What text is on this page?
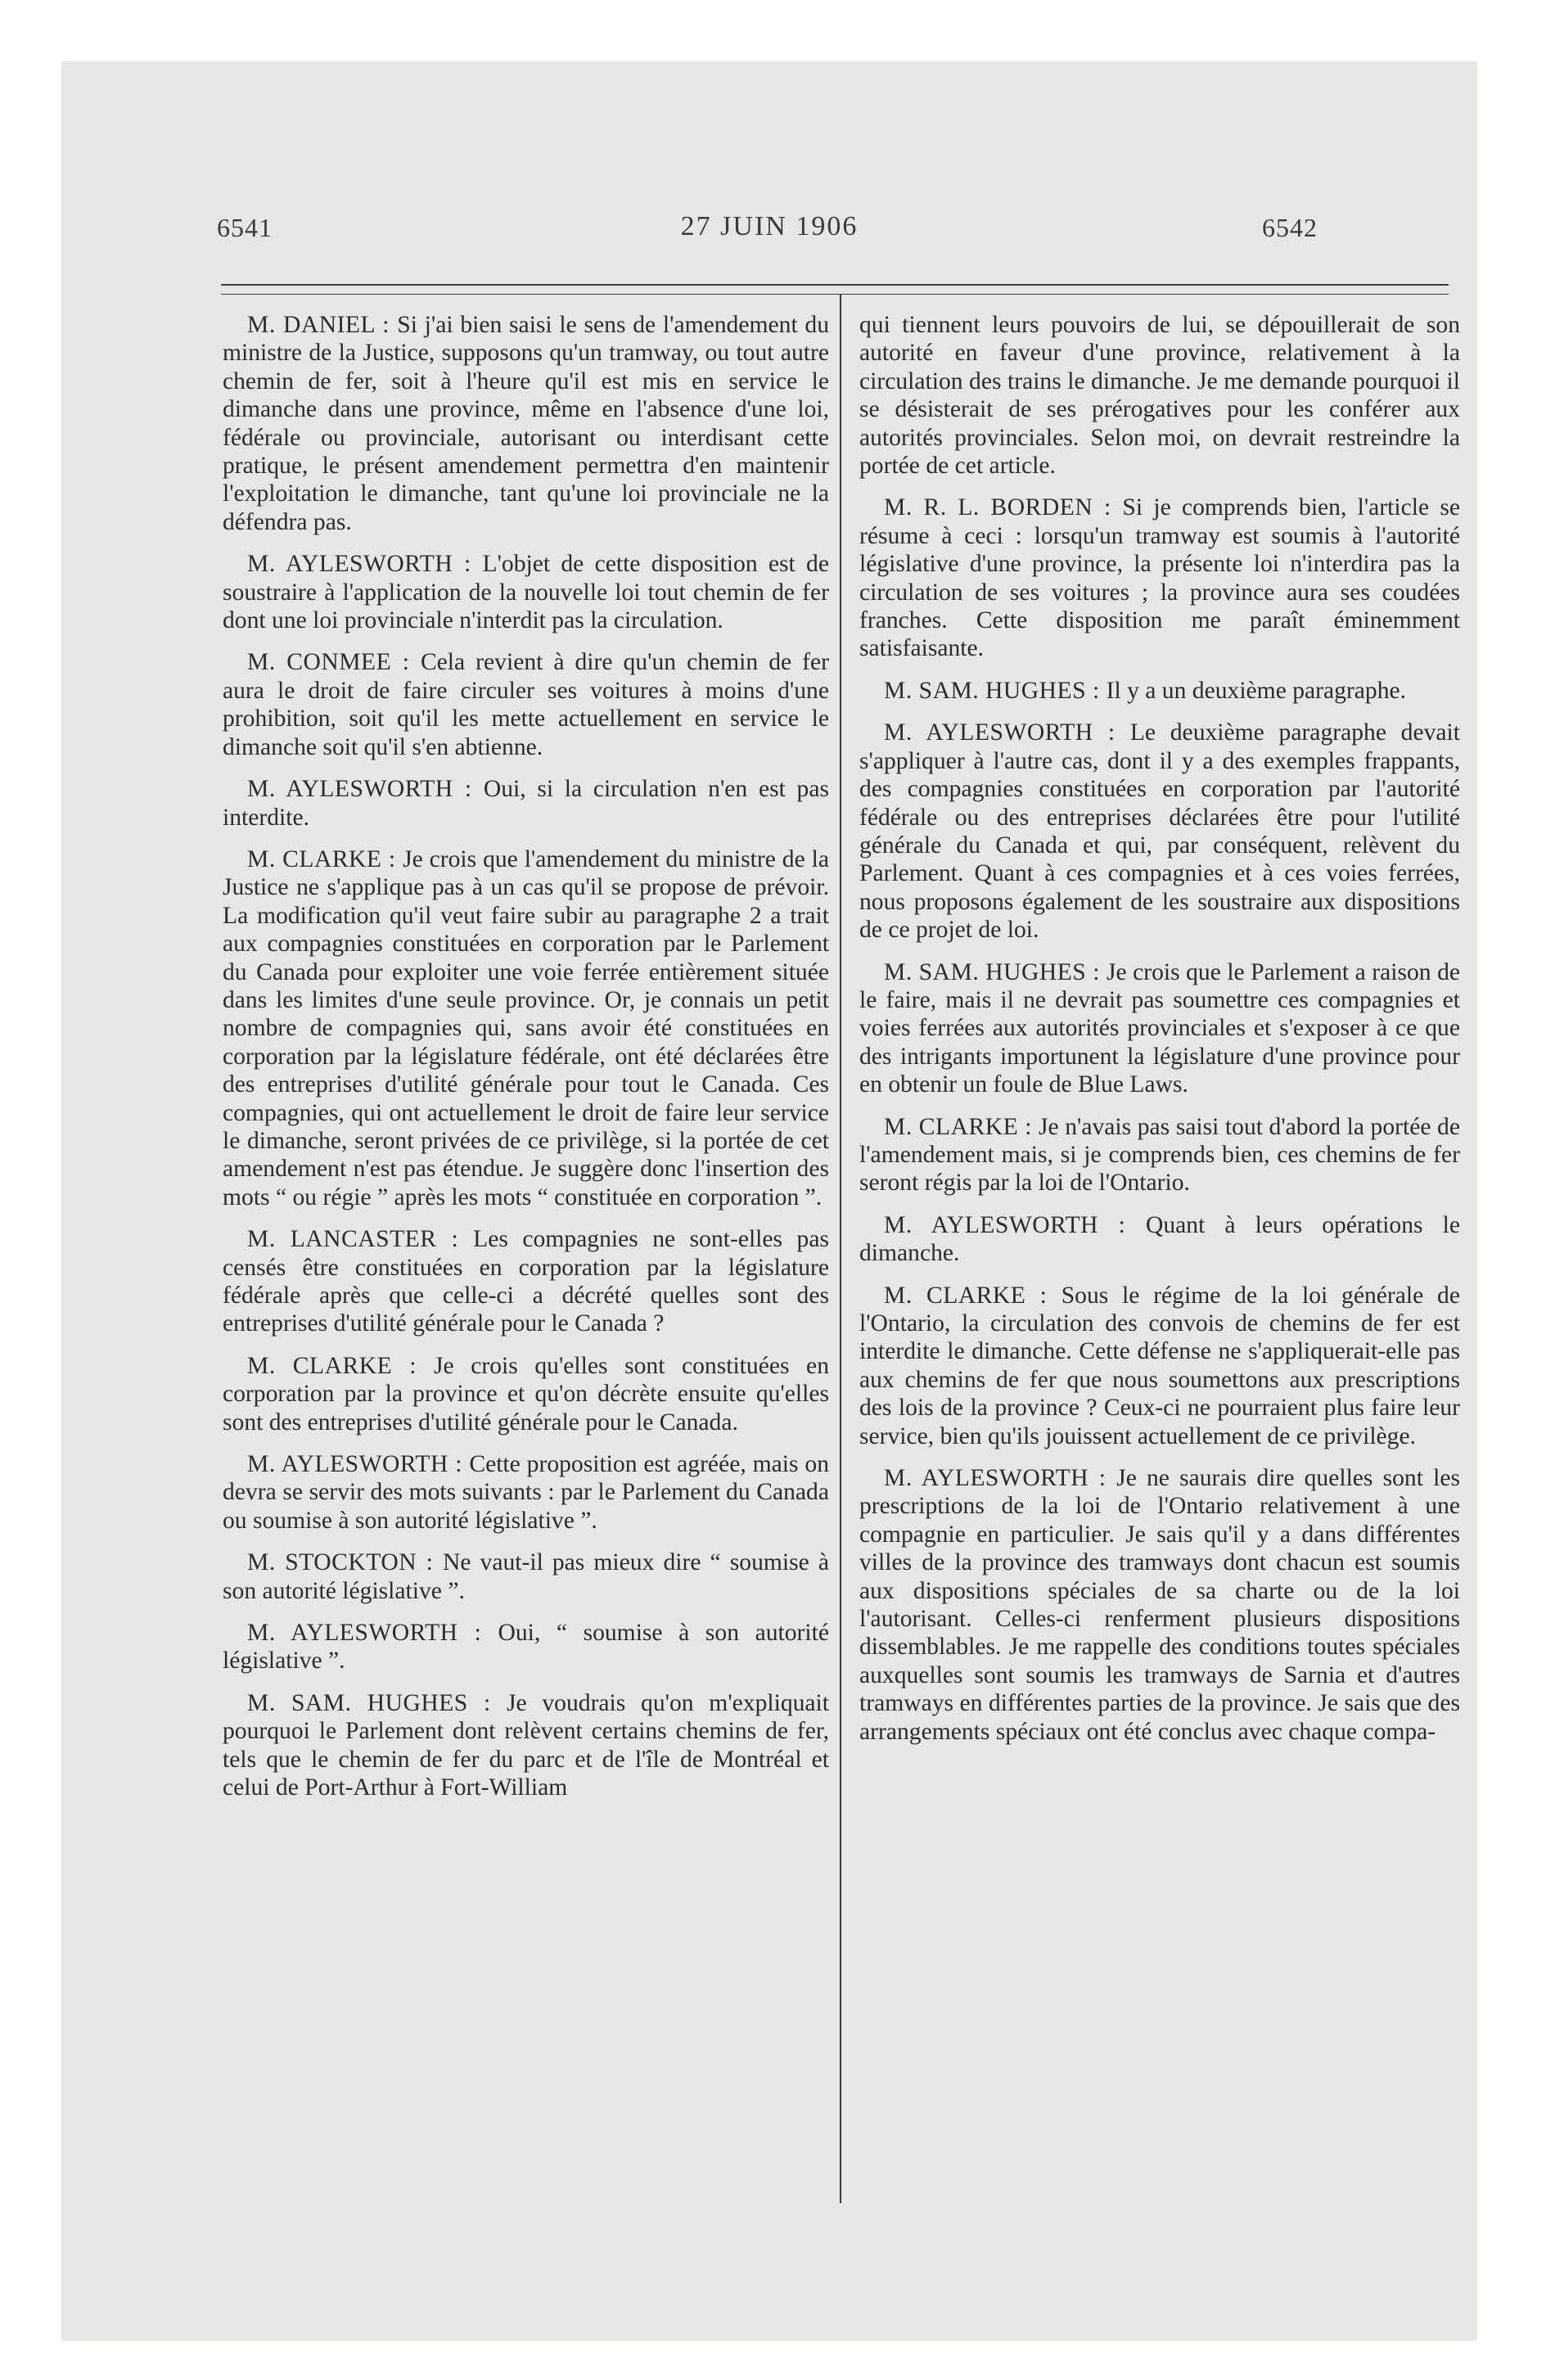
6541	27 JUIN 1906	6542

M. DANIEL : Si j'ai bien saisi le sens de l'amendement du ministre de la Justice, supposons qu'un tramway, ou tout autre chemin de fer, soit à l'heure qu'il est mis en service le dimanche dans une province, même en l'absence d'une loi, fédérale ou provinciale, autorisant ou interdisant cette pratique, le présent amendement permettra d'en maintenir l'exploitation le dimanche, tant qu'une loi provinciale ne la défendra pas.

M. AYLESWORTH : L'objet de cette disposition est de soustraire à l'application de la nouvelle loi tout chemin de fer dont une loi provinciale n'interdit pas la circulation.

M. CONMEE : Cela revient à dire qu'un chemin de fer aura le droit de faire circuler ses voitures à moins d'une prohibition, soit qu'il les mette actuellement en service le dimanche soit qu'il s'en abtienne.

M. AYLESWORTH : Oui, si la circulation n'en est pas interdite.

M. CLARKE : Je crois que l'amendement du ministre de la Justice ne s'applique pas à un cas qu'il se propose de prévoir. La modification qu'il veut faire subir au paragraphe 2 a trait aux compagnies constituées en corporation par le Parlement du Canada pour exploiter une voie ferrée entièrement située dans les limites d'une seule province. Or, je connais un petit nombre de compagnies qui, sans avoir été constituées en corporation par la législature fédérale, ont été déclarées être des entreprises d'utilité générale pour tout le Canada. Ces compagnies, qui ont actuellement le droit de faire leur service le dimanche, seront privées de ce privilège, si la portée de cet amendement n'est pas étendue. Je suggère donc l'insertion des mots “ ou régie ” après les mots “ constituée en corporation ”.

M. LANCASTER : Les compagnies ne sont-elles pas censés être constituées en corporation par la législature fédérale après que celle-ci a décrété quelles sont des entreprises d'utilité générale pour le Canada ?

M. CLARKE : Je crois qu'elles sont constituées en corporation par la province et qu'on décrète ensuite qu'elles sont des entreprises d'utilité générale pour le Canada.

M. AYLESWORTH : Cette proposition est agréée, mais on devra se servir des mots suivants : par le Parlement du Canada ou soumise à son autorité législative ”.

M. STOCKTON : Ne vaut-il pas mieux dire “ soumise à son autorité législative ”.

M. AYLESWORTH : Oui, “ soumise à son autorité législative ”.

M. SAM. HUGHES : Je voudrais qu'on m'expliquait pourquoi le Parlement dont relèvent certains chemins de fer, tels que le chemin de fer du parc et de l'île de Montréal et celui de Port-Arthur à Fort-William

qui tiennent leurs pouvoirs de lui, se dépouillerait de son autorité en faveur d'une province, relativement à la circulation des trains le dimanche. Je me demande pourquoi il se désisterait de ses prérogatives pour les conférer aux autorités provinciales. Selon moi, on devrait restreindre la portée de cet article.

M. R. L. BORDEN : Si je comprends bien, l'article se résume à ceci : lorsqu'un tramway est soumis à l'autorité législative d'une province, la présente loi n'interdira pas la circulation de ses voitures ; la province aura ses coudées franches. Cette disposition me paraît éminemment satisfaisante.

M. SAM. HUGHES : Il y a un deuxième paragraphe.

M. AYLESWORTH : Le deuxième paragraphe devait s'appliquer à l'autre cas, dont il y a des exemples frappants, des compagnies constituées en corporation par l'autorité fédérale ou des entreprises déclarées être pour l'utilité générale du Canada et qui, par conséquent, relèvent du Parlement. Quant à ces compagnies et à ces voies ferrées, nous proposons également de les soustraire aux dispositions de ce projet de loi.

M. SAM. HUGHES : Je crois que le Parlement a raison de le faire, mais il ne devrait pas soumettre ces compagnies et voies ferrées aux autorités provinciales et s'exposer à ce que des intrigants importunent la législature d'une province pour en obtenir un foule de Blue Laws.

M. CLARKE : Je n'avais pas saisi tout d'abord la portée de l'amendement mais, si je comprends bien, ces chemins de fer seront régis par la loi de l'Ontario.

M. AYLESWORTH : Quant à leurs opérations le dimanche.

M. CLARKE : Sous le régime de la loi générale de l'Ontario, la circulation des convois de chemins de fer est interdite le dimanche. Cette défense ne s'appliquerait-elle pas aux chemins de fer que nous soumettons aux prescriptions des lois de la province ? Ceux-ci ne pourraient plus faire leur service, bien qu'ils jouissent actuellement de ce privilège.

M. AYLESWORTH : Je ne saurais dire quelles sont les prescriptions de la loi de l'Ontario relativement à une compagnie en particulier. Je sais qu'il y a dans différentes villes de la province des tramways dont chacun est soumis aux dispositions spéciales de sa charte ou de la loi l'autorisant. Celles-ci renferment plusieurs dispositions dissemblables. Je me rappelle des conditions toutes spéciales auxquelles sont soumis les tramways de Sarnia et d'autres tramways en différentes parties de la province. Je sais que des arrangements spéciaux ont été conclus avec chaque compa-
